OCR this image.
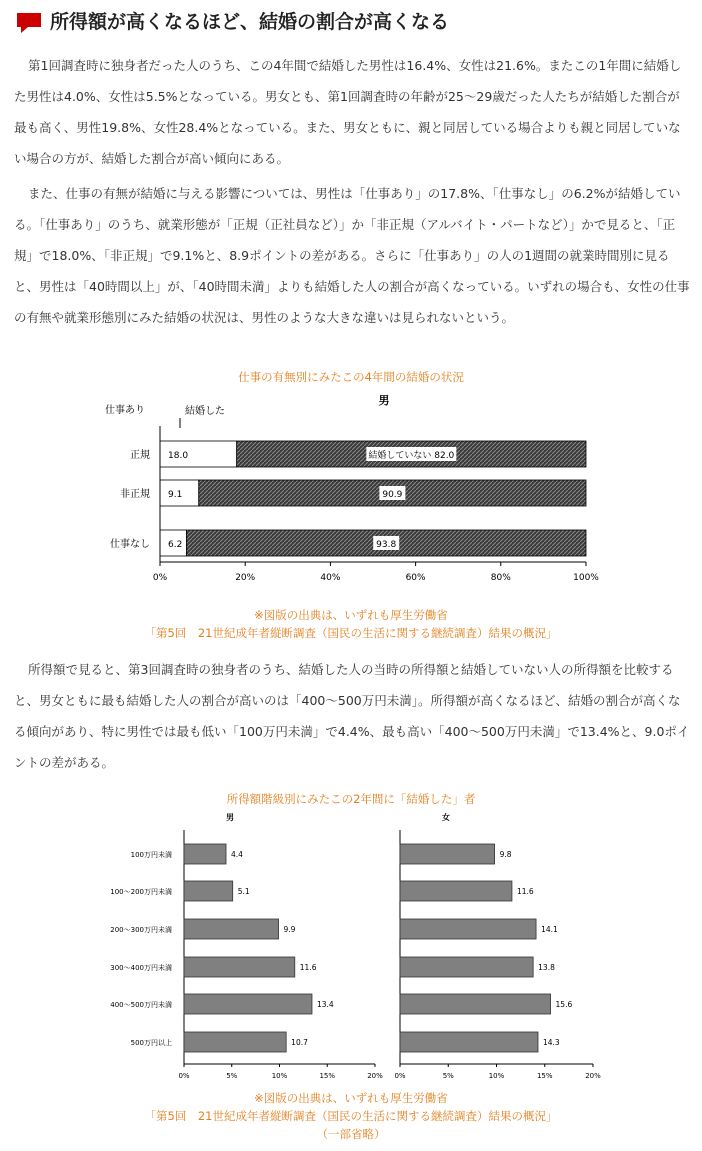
所得額が高くなるほど、結婚の割合が高くなる

第1回調査時に独身者だった人のうち、この4年間で結婚した男性は16.4%、女性は21.6%。またこの1年間に結婚した男性は4.0%、女性は5.5%となっている。男女とも、第1回調査時の年齢が25〜29歳だった人たちが結婚した割合が最も高く、男性19.8%、女性28.4%となっている。また、男女ともに、親と同居している場合よりも親と同居していない場合の方が、結婚した割合が高い傾向にある。

また、仕事の有無が結婚に与える影響については、男性は「仕事あり」の17.8%、「仕事なし」の6.2%が結婚している。「仕事あり」のうち、就業形態が「正規（正社員など）」か「非正規（アルバイト・パートなど）」かで見ると、「正規」で18.0%、「非正規」で9.1%と、8.9ポイントの差がある。さらに「仕事あり」の人の1週間の就業時間別に見ると、男性は「40時間以上」が、「40時間未満」よりも結婚した人の割合が高くなっている。いずれの場合も、女性の仕事の有無や就業形態別にみた結婚の状況は、男性のような大きな違いは見られないという。

仕事の有無別にみたこの4年間の結婚の状況
男
仕事あり	結婚した
正規 18.0	結婚していない 82.0
非正規 9.1	90.9
仕事なし 6.2	93.8
0%	20%	40%	60%	80%	100%
※図版の出典は、いずれも厚生労働省
「第5回　21世紀成年者縦断調査（国民の生活に関する継続調査）結果の概況」

所得額で見ると、第3回調査時の独身者のうち、結婚した人の当時の所得額と結婚していない人の所得額を比較すると、男女ともに最も結婚した人の割合が高いのは「400〜500万円未満」。所得額が高くなるほど、結婚の割合が高くなる傾向があり、特に男性では最も低い「100万円未満」で4.4%、最も高い「400〜500万円未満」で13.4%と、9.0ポイントの差がある。

所得額階級別にみたこの2年間に「結婚した」者
100万円未満
100〜200万円未満
200〜300万円未満
300〜400万円未満
400〜500万円未満
500万円以上
男
0%	5%	10%	15%	20%
4.4
5.1
9.9
11.6
13.4
10.7
女
0%	5%	10%	15%	20%
9.8
11.6
14.1
13.8
15.6
14.3
※図版の出典は、いずれも厚生労働省
「第5回　21世紀成年者縦断調査（国民の生活に関する継続調査）結果の概況」
（一部省略）
